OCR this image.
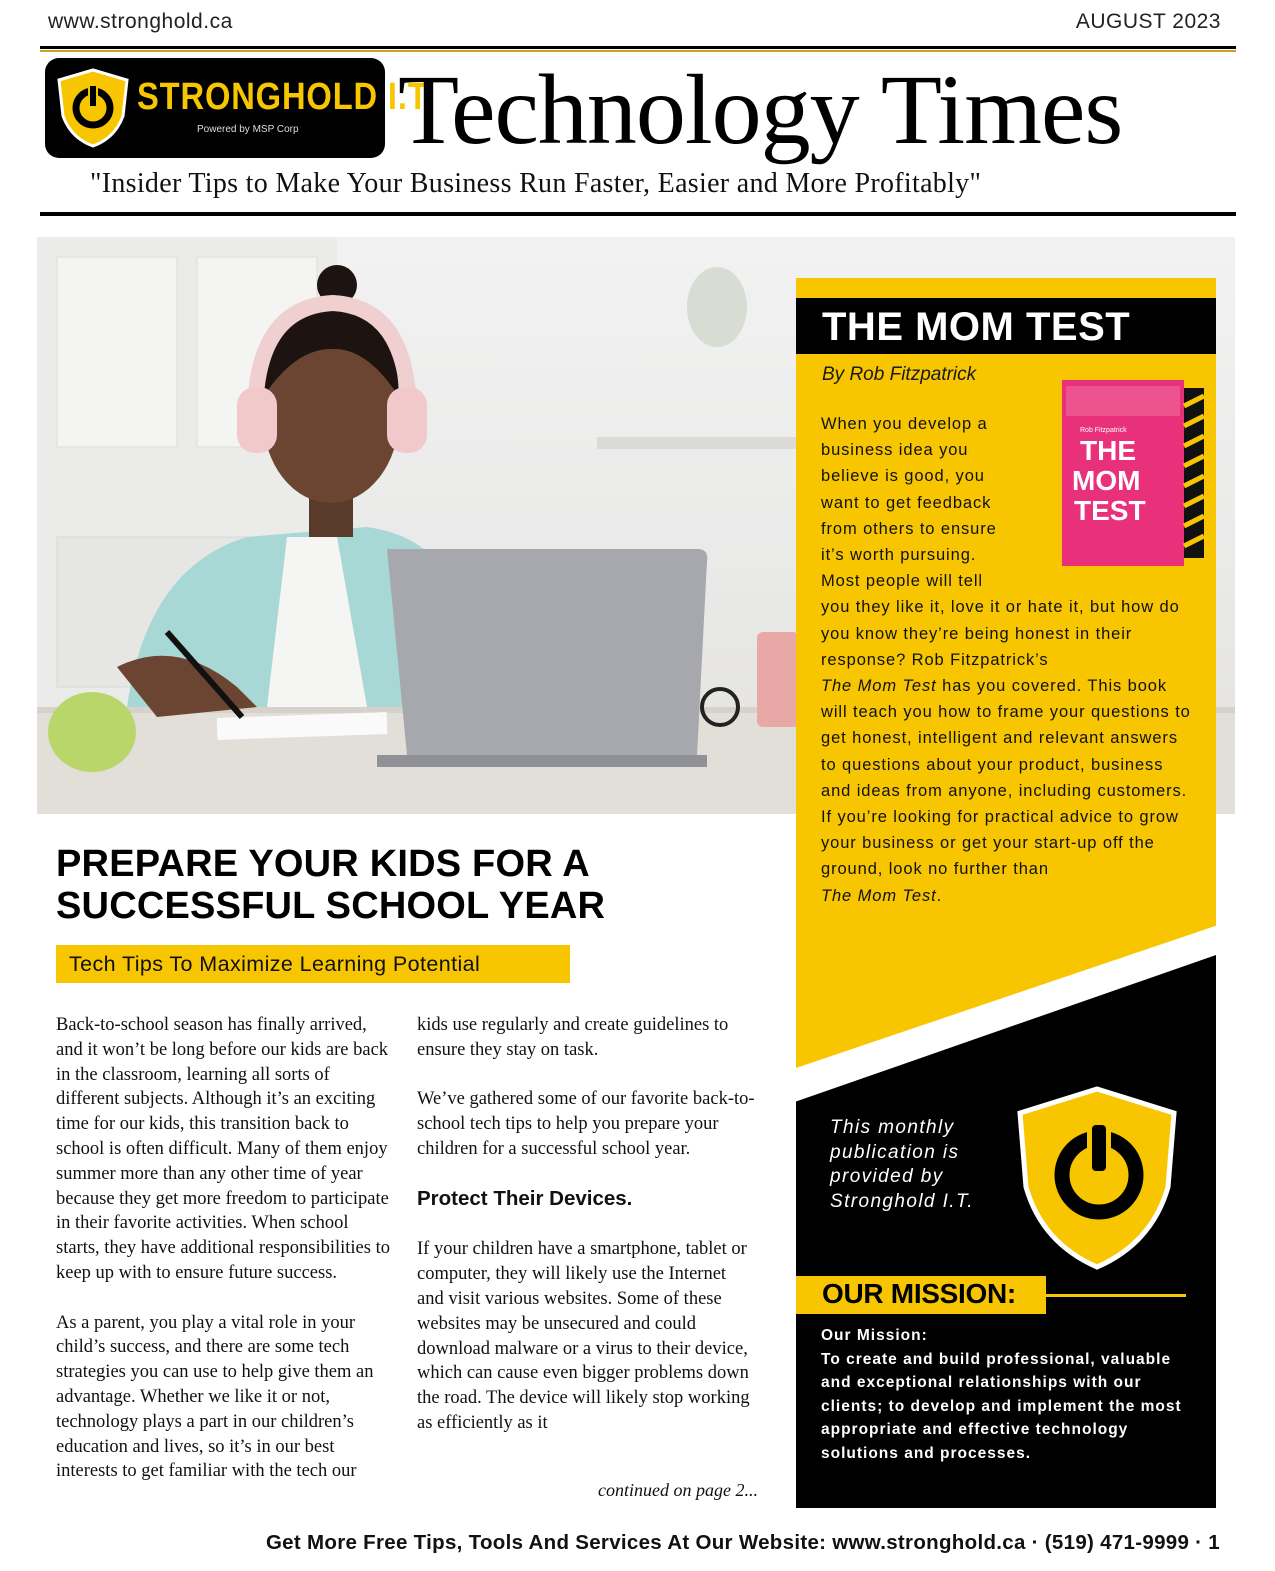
www.stronghold.ca	AUGUST 2023
STRONGHOLD I.T.
Powered by MSP Corp Technology Times
"Insider Tips to Make Your Business Run Faster, Easier and More Profitably"
THE MOM TEST
By Rob Fitzpatrick
When you develop a
business idea you
believe is good, you
want to get feedback
from others to ensure
it’s worth pursuing.
Most people will tell

you they like it, love it or hate it, but how do you know they’re being honest in their response? Rob Fitzpatrick’s
The Mom Test has you covered. This book will teach you how to frame your questions to get honest, intelligent and relevant answers to questions about your product, business and ideas from anyone, including customers. If you’re looking for practical advice to grow your business or get your start-up off the ground, look no further than
The Mom Test.

Rob Fitzpatrick
THE
MOM
TEST
This monthly publication is provided by Stronghold I.T.
OUR MISSION:
Our Mission:
To create and build professional, valuable and exceptional relationships with our clients; to develop and implement the most appropriate and effective technology solutions and processes.
PREPARE YOUR KIDS FOR A
SUCCESSFUL SCHOOL YEAR
Tech Tips To Maximize Learning Potential

Back-to-school season has finally arrived, and it won’t be long before our kids are back in the classroom, learning all sorts of different subjects. Although it’s an exciting time for our kids, this transition back to school is often difficult. Many of them enjoy summer more than any other time of year because they get more freedom to participate in their favorite activities. When school starts, they have additional responsibilities to keep up with to ensure future success.

As a parent, you play a vital role in your child’s success, and there are some tech strategies you can use to help give them an advantage. Whether we like it or not, technology plays a part in our children’s education and lives, so it’s in our best interests to get familiar with the tech our

kids use regularly and create guidelines to ensure they stay on task.

We’ve gathered some of our favorite back-to-school tech tips to help you prepare your children for a successful school year.

Protect Their Devices.

If your children have a smartphone, tablet or computer, they will likely use the Internet and visit various websites. Some of these websites may be unsecured and could download malware or a virus to their device, which can cause even bigger problems down the road. The device will likely stop working as efficiently as it

continued on page 2...
Get More Free Tips, Tools And Services At Our Website: www.stronghold.ca · (519) 471-9999 · 1
